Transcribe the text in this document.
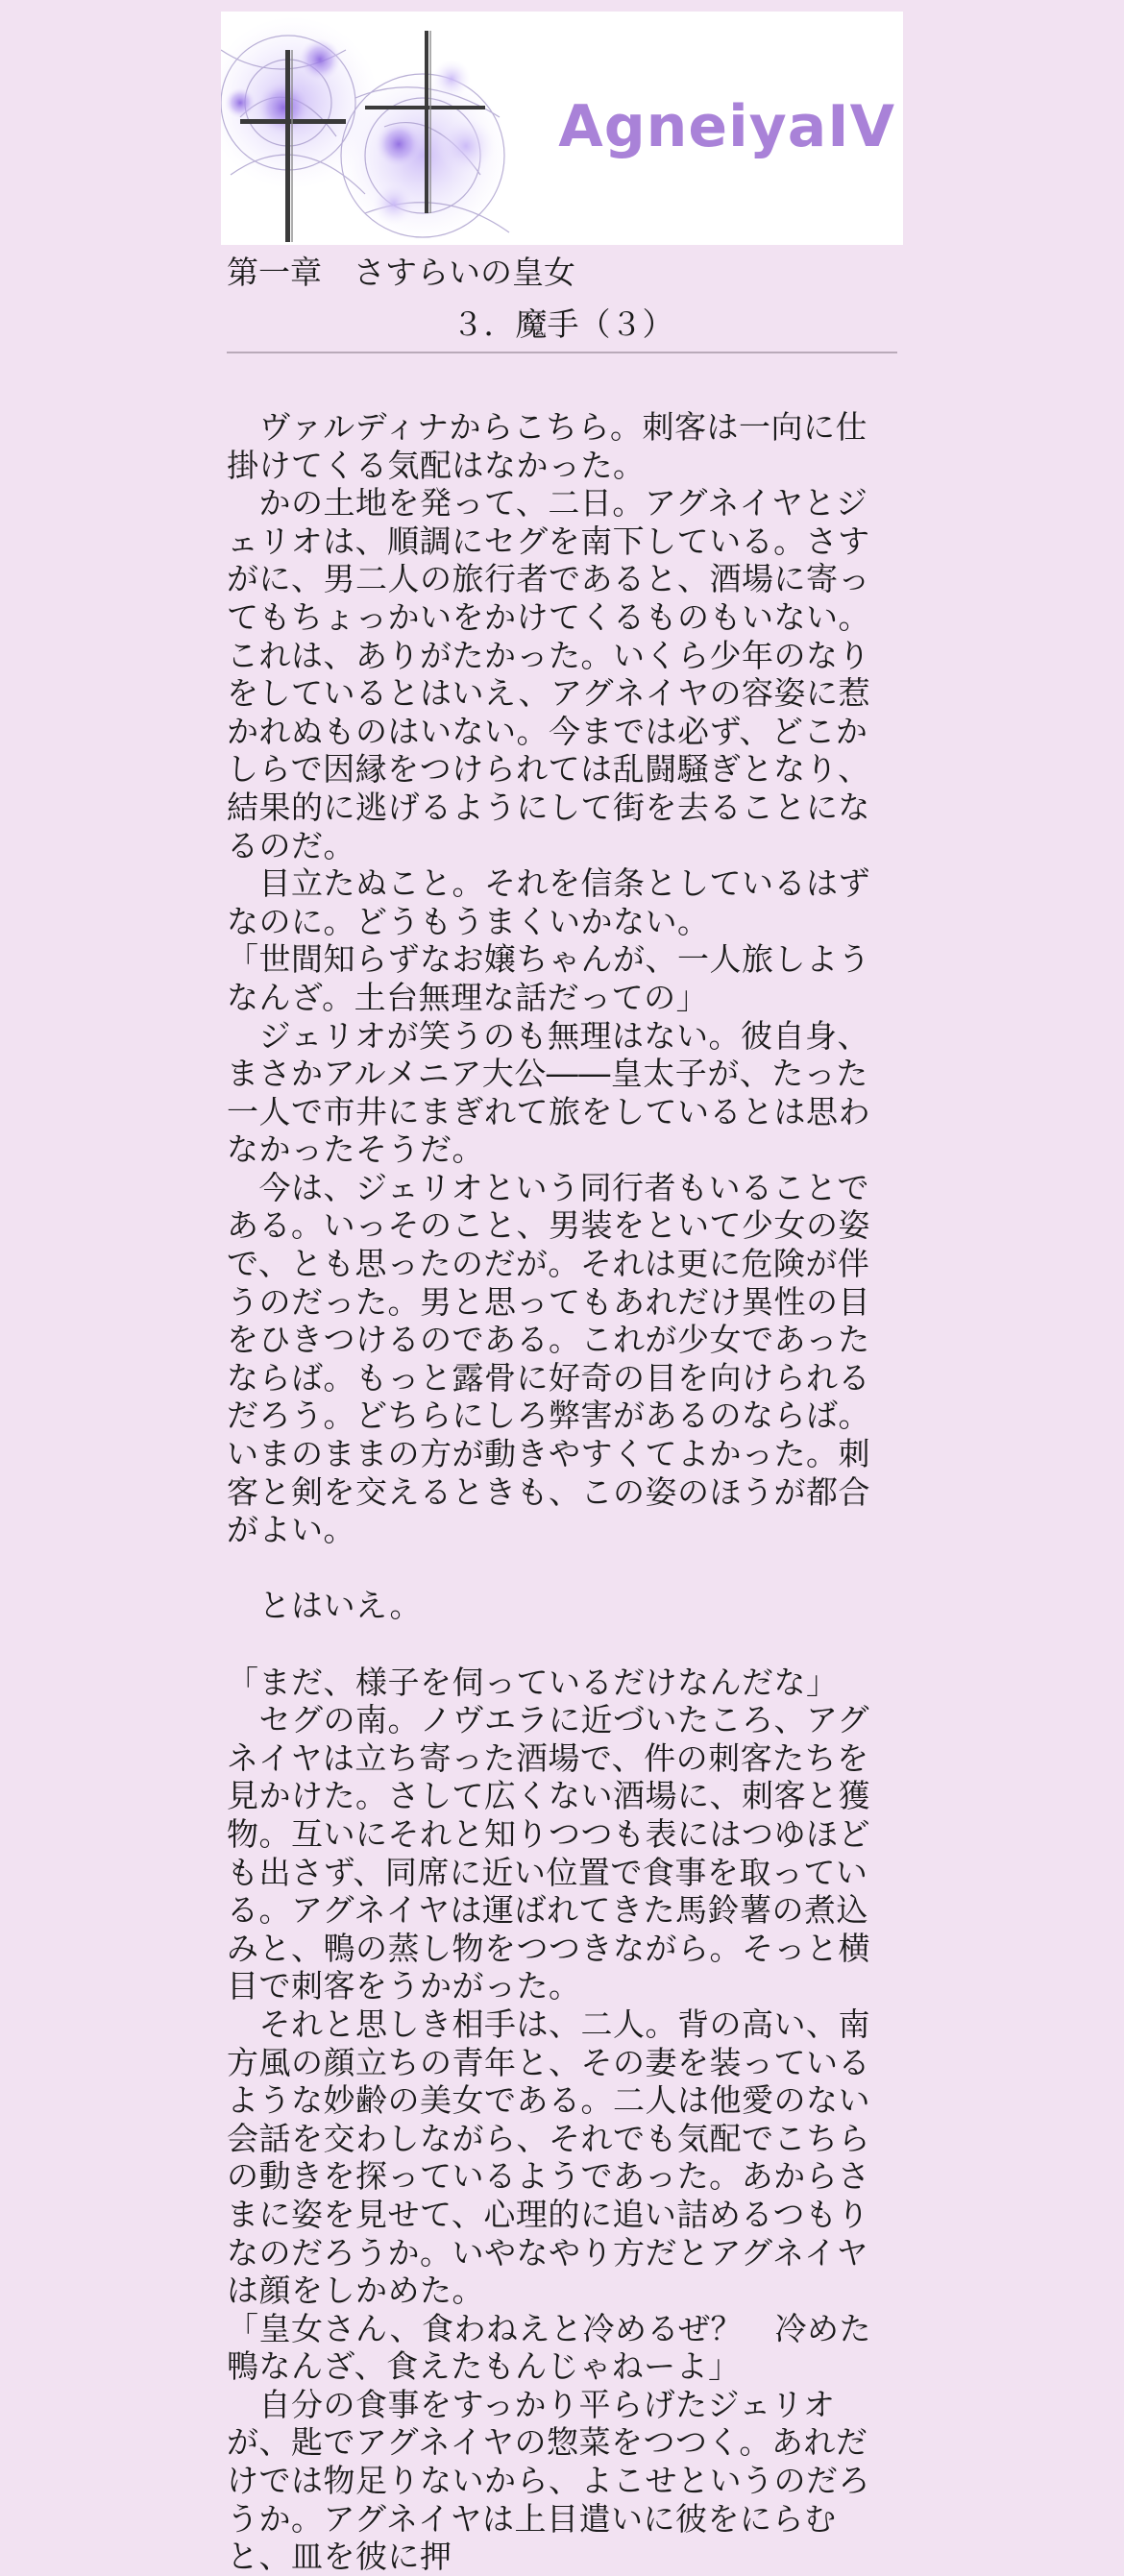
AgneiyaIV
第一章　さすらいの皇女
３．魔手（３）

　ヴァルディナからこちら。刺客は一向に仕掛けてくる気配はなかった。

　かの土地を発って、二日。アグネイヤとジェリオは、順調にセグを南下している。さすがに、男二人の旅行者であると、酒場に寄ってもちょっかいをかけてくるものもいない。これは、ありがたかった。いくら少年のなりをしているとはいえ、アグネイヤの容姿に惹かれぬものはいない。今までは必ず、どこかしらで因縁をつけられては乱闘騒ぎとなり、結果的に逃げるようにして街を去ることになるのだ。

　目立たぬこと。それを信条としているはずなのに。どうもうまくいかない。

「世間知らずなお嬢ちゃんが、一人旅しようなんざ。土台無理な話だっての」

　ジェリオが笑うのも無理はない。彼自身、まさかアルメニア大公――皇太子が、たった一人で市井にまぎれて旅をしているとは思わなかったそうだ。

　今は、ジェリオという同行者もいることである。いっそのこと、男装をといて少女の姿で、とも思ったのだが。それは更に危険が伴うのだった。男と思ってもあれだけ異性の目をひきつけるのである。これが少女であったならば。もっと露骨に好奇の目を向けられるだろう。どちらにしろ弊害があるのならば。いまのままの方が動きやすくてよかった。刺客と剣を交えるときも、この姿のほうが都合がよい。

　とはいえ。

「まだ、様子を伺っているだけなんだな」

　セグの南。ノヴエラに近づいたころ、アグネイヤは立ち寄った酒場で、件の刺客たちを見かけた。さして広くない酒場に、刺客と獲物。互いにそれと知りつつも表にはつゆほども出さず、同席に近い位置で食事を取っている。アグネイヤは運ばれてきた馬鈴薯の煮込みと、鴨の蒸し物をつつきながら。そっと横目で刺客をうかがった。

　それと思しき相手は、二人。背の高い、南方風の顔立ちの青年と、その妻を装っているような妙齢の美女である。二人は他愛のない会話を交わしながら、それでも気配でこちらの動きを探っているようであった。あからさまに姿を見せて、心理的に追い詰めるつもりなのだろうか。いやなやり方だとアグネイヤは顔をしかめた。

「皇女さん、食わねえと冷めるぜ？　冷めた鴨なんざ、食えたもんじゃねーよ」

　自分の食事をすっかり平らげたジェリオが、匙でアグネイヤの惣菜をつつく。あれだけでは物足りないから、よこせというのだろうか。アグネイヤは上目遣いに彼をにらむと、皿を彼に押
